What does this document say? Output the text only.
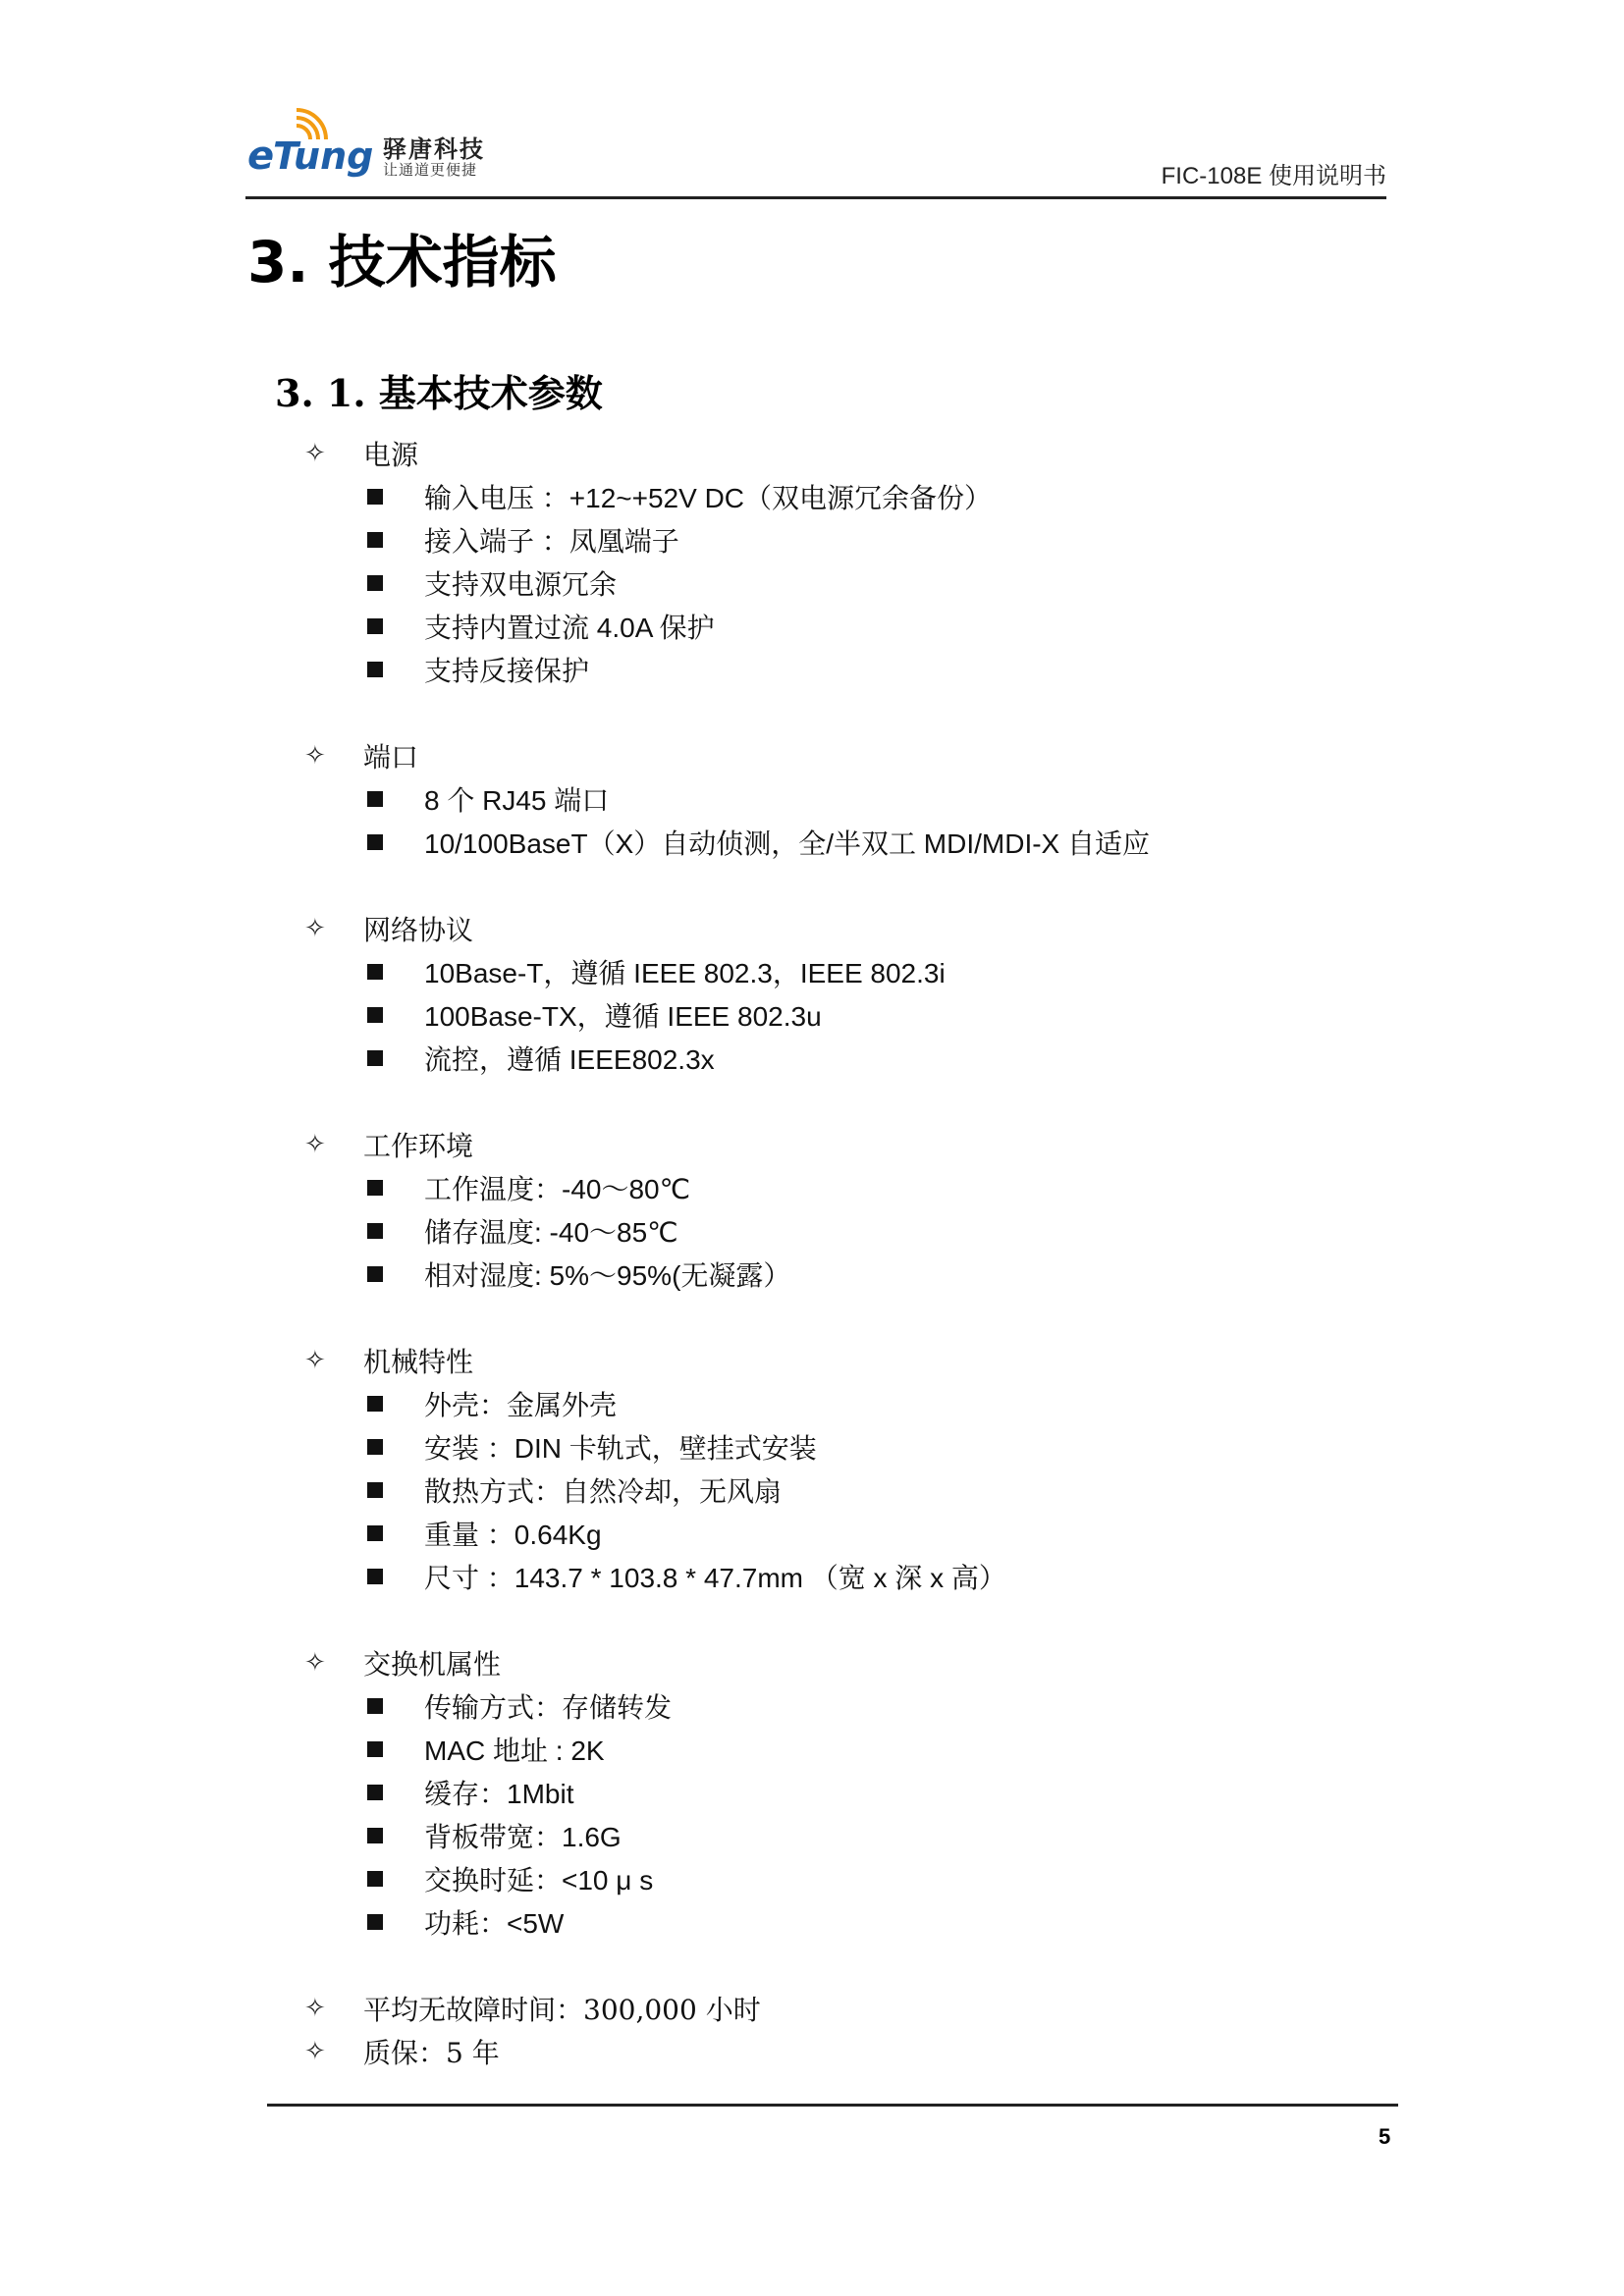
e
Tung 驿唐科技
让通道更便捷	FIC-108E 使用说明书
3. 技术指标
3. 1. 基本技术参数
✧	电源
输入电压 ：+12~+52V DC（双电源冗余备份）
接入端子 ：凤凰端子
支持双电源冗余
支持内置过流 4.0A 保护
支持反接保护
✧	端口
8 个 RJ45 端口
10/100BaseT（X）自动侦测，全/半双工 MDI/MDI-X 自适应
✧	网络协议
10Base-T，遵循 IEEE 802.3，IEEE 802.3i
100Base-TX，遵循 IEEE 802.3u
流控，遵循 IEEE802.3x
✧	工作环境
工作温度：-40～80℃
储存温度: -40～85℃
相对湿度: 5%～95%(无凝露）
✧	机械特性
外壳：金属外壳
安装 ：DIN 卡轨式，壁挂式安装
散热方式：自然冷却，无风扇
重量 ：0.64Kg
尺寸 ：143.7 * 103.8 * 47.7mm （宽 x 深 x 高）
✧	交换机属性
传输方式：存储转发
MAC 地址 : 2K
缓存：1Mbit
背板带宽：1.6G
交换时延：<10 μ s
功耗：<5W
✧	平均无故障时间：300,000 小时
✧	质保：5 年
5
